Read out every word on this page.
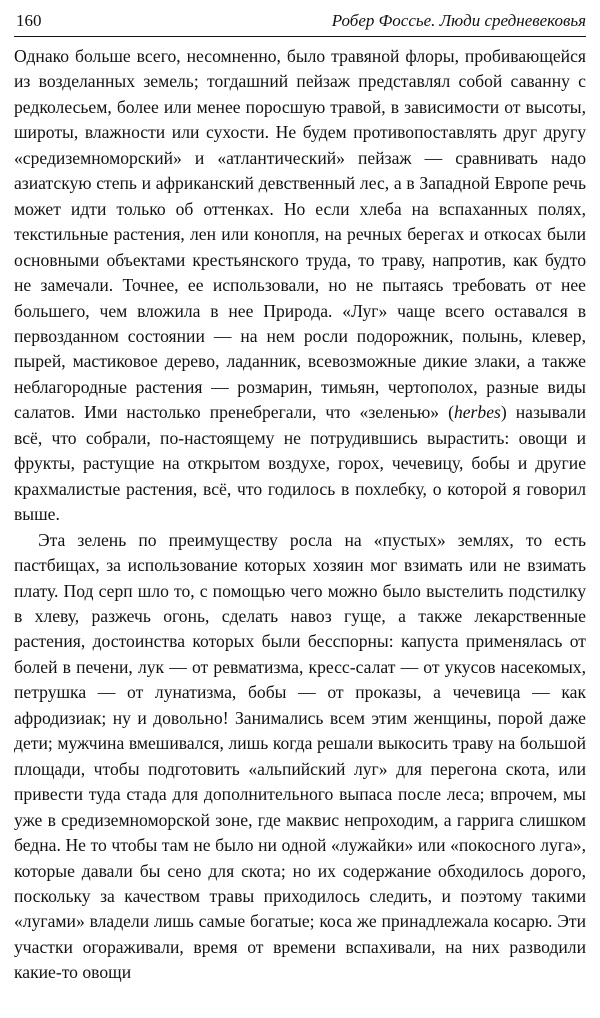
160	Робер Фоссье. Люди средневековья

Однако больше всего, несомненно, было травяной флоры, пробивающейся из возделанных земель; тогдашний пейзаж представлял собой саванну с редколесьем, более или менее поросшую травой, в зависимости от высоты, широты, влажности или сухости. Не будем противопоставлять друг другу «средиземноморский» и «атлантический» пейзаж — сравнивать надо азиатскую степь и африканский девственный лес, а в Западной Европе речь может идти только об оттенках. Но если хлеба на вспаханных полях, текстильные растения, лен или конопля, на речных берегах и откосах были основными объектами крестьянского труда, то траву, напротив, как будто не замечали. Точнее, ее использовали, но не пытаясь требовать от нее большего, чем вложила в нее Природа. «Луг» чаще всего оставался в первозданном состоянии — на нем росли подорожник, полынь, клевер, пырей, мастиковое дерево, ладанник, всевозможные дикие злаки, а также неблагородные растения — розмарин, тимьян, чертополох, разные виды салатов. Ими настолько пренебрегали, что «зеленью» (herbes) называли всё, что собрали, по-настоящему не потрудившись вырастить: овощи и фрукты, растущие на открытом воздухе, горох, чечевицу, бобы и другие крахмалистые растения, всё, что годилось в похлебку, о которой я говорил выше.

Эта зелень по преимуществу росла на «пустых» землях, то есть пастбищах, за использование которых хозяин мог взимать или не взимать плату. Под серп шло то, с помощью чего можно было выстелить подстилку в хлеву, разжечь огонь, сделать навоз гуще, а также лекарственные растения, достоинства которых были бесспорны: капуста применялась от болей в печени, лук — от ревматизма, кресс-салат — от укусов насекомых, петрушка — от лунатизма, бобы — от проказы, а чечевица — как афродизиак; ну и довольно! Занимались всем этим женщины, порой даже дети; мужчина вмешивался, лишь когда решали выкосить траву на большой площади, чтобы подготовить «альпийский луг» для перегона скота, или привести туда стада для дополнительного выпаса после леса; впрочем, мы уже в средиземноморской зоне, где маквис непроходим, а гаррига слишком бедна. Не то чтобы там не было ни одной «лужайки» или «покосного луга», которые давали бы сено для скота; но их содержание обходилось дорого, поскольку за качеством травы приходилось следить, и поэтому такими «лугами» владели лишь самые богатые; коса же принадлежала косарю. Эти участки огораживали, время от времени вспахивали, на них разводили какие-то овощи
